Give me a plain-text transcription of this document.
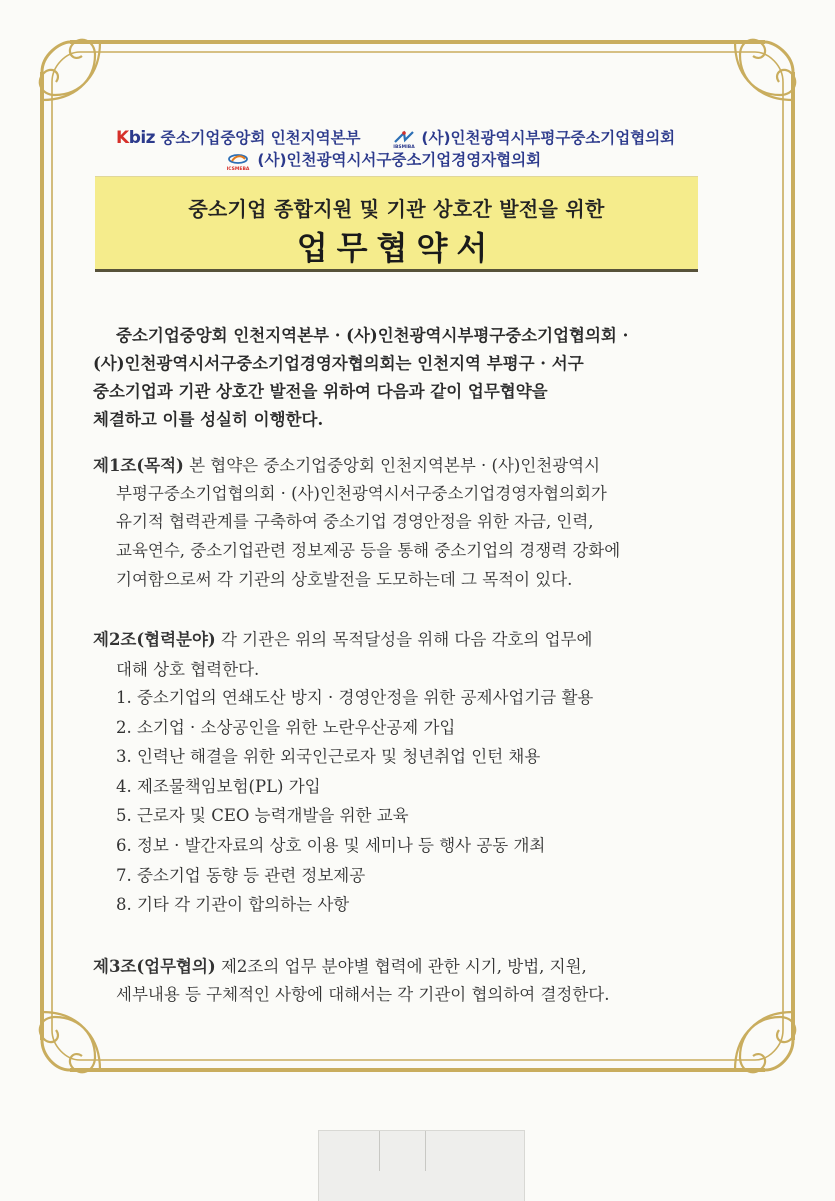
Kbiz 중소기업중앙회 인천지역본부	IBSMIBA (사)인천광역시부평구중소기업협의회
ICSMEBA (사)인천광역시서구중소기업경영자협의회
중소기업 종합지원 및 기관 상호간 발전을 위한
업무협약서
중소기업중앙회 인천지역본부 · (사)인천광역시부평구중소기업협의회 ·
(사)인천광역시서구중소기업경영자협의회는 인천지역 부평구 · 서구
중소기업과 기관 상호간 발전을 위하여 다음과 같이 업무협약을
체결하고 이를 성실히 이행한다.
제1조(목적) 본 협약은 중소기업중앙회 인천지역본부 · (사)인천광역시
부평구중소기업협의회 · (사)인천광역시서구중소기업경영자협의회가
유기적 협력관계를 구축하여 중소기업 경영안정을 위한 자금, 인력,
교육연수, 중소기업관련 정보제공 등을 통해 중소기업의 경쟁력 강화에
기여함으로써 각 기관의 상호발전을 도모하는데 그 목적이 있다.
제2조(협력분야) 각 기관은 위의 목적달성을 위해 다음 각호의 업무에
대해 상호 협력한다.
1. 중소기업의 연쇄도산 방지 · 경영안정을 위한 공제사업기금 활용
2. 소기업 · 소상공인을 위한 노란우산공제 가입
3. 인력난 해결을 위한 외국인근로자 및 청년취업 인턴 채용
4. 제조물책임보험(PL) 가입
5. 근로자 및 CEO 능력개발을 위한 교육
6. 정보 · 발간자료의 상호 이용 및 세미나 등 행사 공동 개최
7. 중소기업 동향 등 관련 정보제공
8. 기타 각 기관이 합의하는 사항
제3조(업무협의) 제2조의 업무 분야별 협력에 관한 시기, 방법, 지원,
세부내용 등 구체적인 사항에 대해서는 각 기관이 협의하여 결정한다.
